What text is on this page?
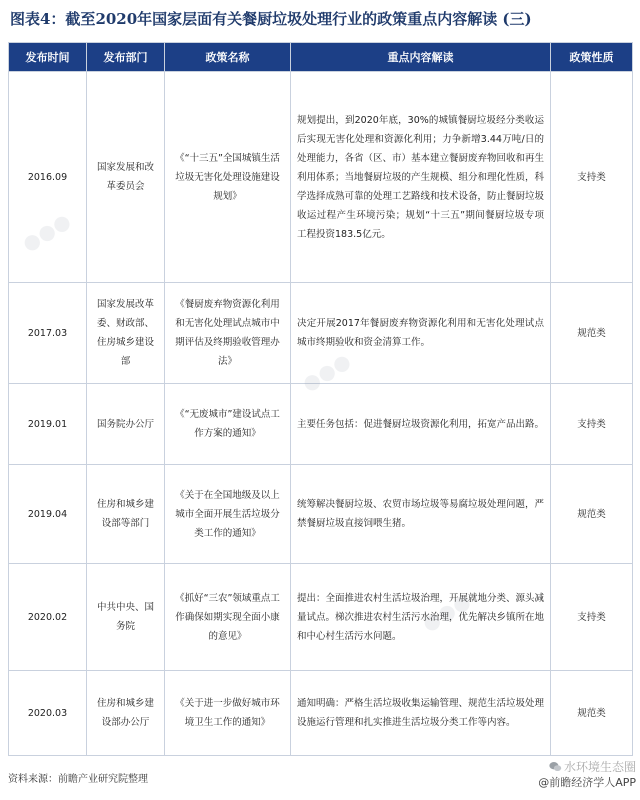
图表4：截至2020年国家层面有关餐厨垃圾处理行业的政策重点内容解读 (三)
发布时间	发布部门	政策名称	重点内容解读	政策性质
2016.09	国家发展和改革委员会	《“十三五”全国城镇生活垃圾无害化处理设施建设规划》	规划提出，到2020年底，30%的城镇餐厨垃圾经分类收运后实现无害化处理和资源化利用；力争新增3.44万吨/日的处理能力，各省（区、市）基本建立餐厨废弃物回收和再生利用体系；当地餐厨垃圾的产生规模、组分和理化性质，科学选择成熟可靠的处理工艺路线和技术设备，防止餐厨垃圾收运过程产生环境污染；规划“十三五”期间餐厨垃圾专项工程投资183.5亿元。	支持类
2017.03	国家发展改革委、财政部、住房城乡建设部	《餐厨废弃物资源化利用和无害化处理试点城市中期评估及终期验收管理办法》	决定开展2017年餐厨废弃物资源化利用和无害化处理试点城市终期验收和资金清算工作。	规范类
2019.01	国务院办公厅	《“无废城市”建设试点工作方案的通知》	主要任务包括：促进餐厨垃圾资源化利用，拓宽产品出路。	支持类
2019.04	住房和城乡建设部等部门	《关于在全国地级及以上城市全面开展生活垃圾分类工作的通知》	统筹解决餐厨垃圾、农贸市场垃圾等易腐垃圾处理问题，严禁餐厨垃圾直接饲喂生猪。	规范类
2020.02	中共中央、国务院	《抓好“三农”领域重点工作确保如期实现全面小康的意见》	提出：全面推进农村生活垃圾治理，开展就地分类、源头减量试点。梯次推进农村生活污水治理，优先解决乡镇所在地和中心村生活污水问题。	支持类
2020.03	住房和城乡建设部办公厅	《关于进一步做好城市环境卫生工作的通知》	通知明确：严格生活垃圾收集运输管理、规范生活垃圾处理设施运行管理和扎实推进生活垃圾分类工作等内容。	规范类
●●●
●●●
●●●
资料来源：前瞻产业研究院整理
水环境生态圈
@前瞻经济学人APP
